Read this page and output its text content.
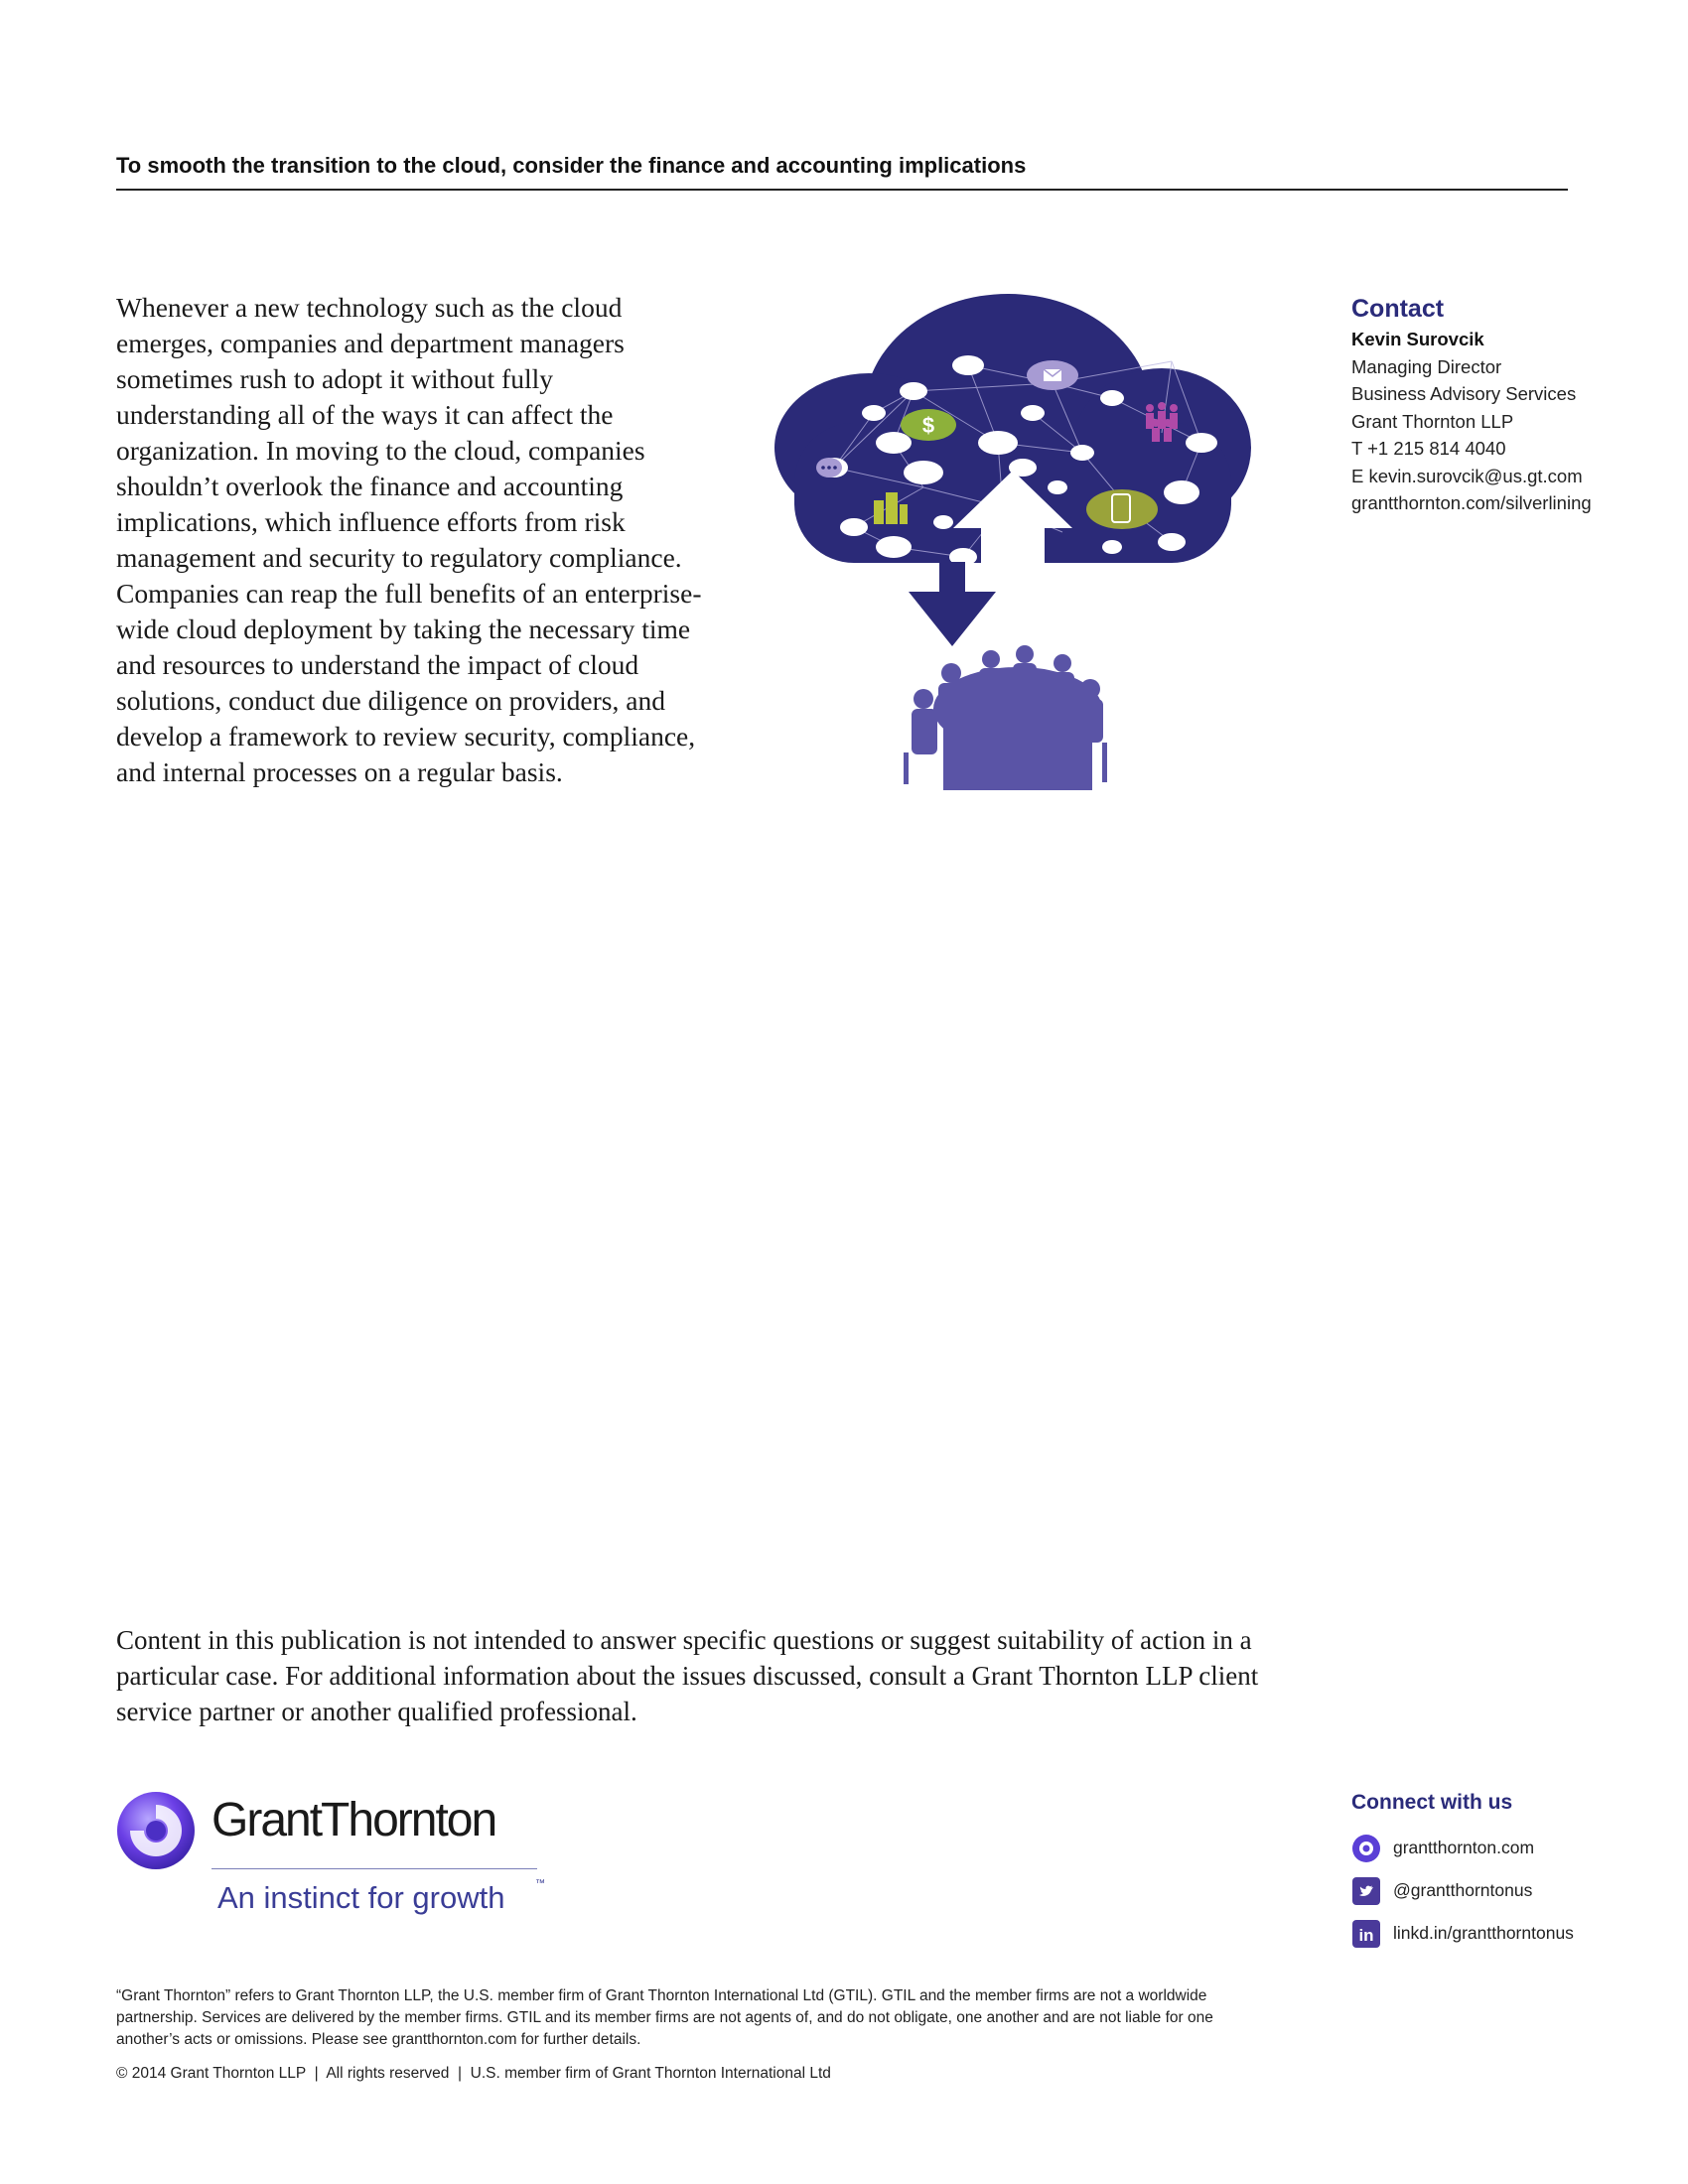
To smooth the transition to the cloud, consider the finance and accounting implications
Whenever a new technology such as the cloud emerges, companies and department managers sometimes rush to adopt it without fully understanding all of the ways it can affect the organization. In moving to the cloud, companies shouldn’t overlook the finance and accounting implications, which influence efforts from risk management and security to regulatory compliance. Companies can reap the full benefits of an enterprise-wide cloud deployment by taking the necessary time and resources to understand the impact of cloud solutions, conduct due diligence on providers, and develop a framework to review security, compliance, and internal processes on a regular basis.
$
Contact
Kevin Surovcik
Managing Director
Business Advisory Services
Grant Thornton LLP
T +1 215 814 4040
E kevin.surovcik@us.gt.com
grantthornton.com/silverlining
Content in this publication is not intended to answer specific questions or suggest suitability of action in a particular case. For additional information about the issues discussed, consult a Grant Thornton LLP client service partner or another qualified professional.
GrantThornton
An instinct for growth	™
Connect with us
grantthornton.com
@grantthorntonus
in linkd.in/grantthorntonus
“Grant Thornton” refers to Grant Thornton LLP, the U.S. member firm of Grant Thornton International Ltd (GTIL). GTIL and the member firms are not a worldwide partnership. Services are delivered by the member firms. GTIL and its member firms are not agents of, and do not obligate, one another and are not liable for one another’s acts or omissions. Please see grantthornton.com for further details.
© 2014 Grant Thornton LLP  |  All rights reserved  |  U.S. member firm of Grant Thornton International Ltd
